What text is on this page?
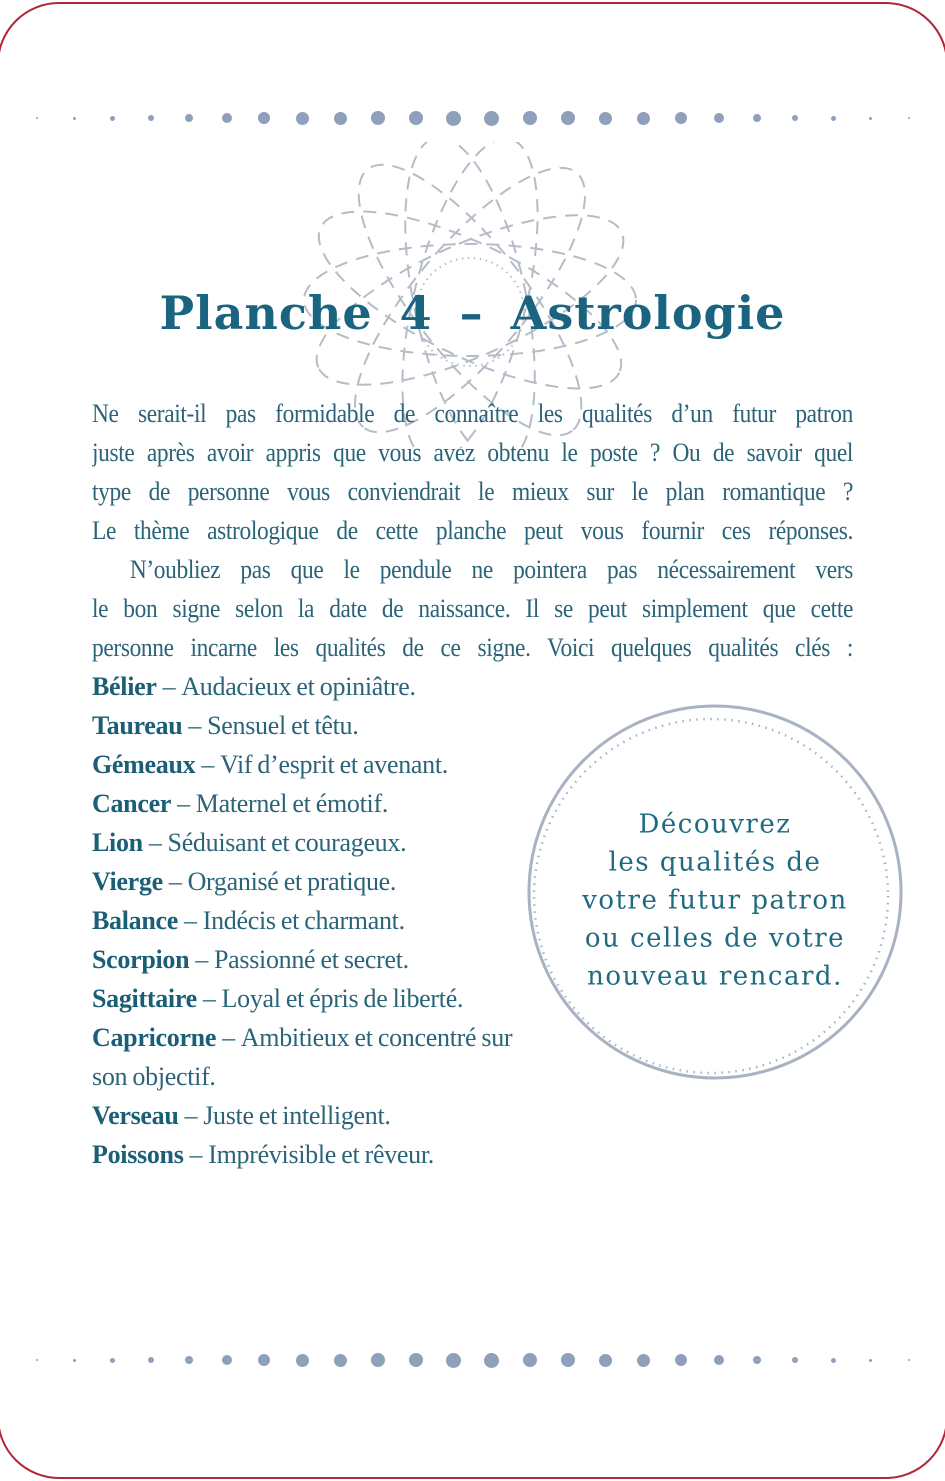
Planche 4 – Astrologie
Ne serait-il pas formidable de connaître les qualités d’un futur patron
juste après avoir appris que vous avez obtenu le poste ? Ou de savoir quel
type de personne vous conviendrait le mieux sur le plan romantique ?
Le thème astrologique de cette planche peut vous fournir ces réponses.
N’oubliez pas que le pendule ne pointera pas nécessairement vers
le bon signe selon la date de naissance. Il se peut simplement que cette
personne incarne les qualités de ce signe. Voici quelques qualités clés :
Bélier – Audacieux et opiniâtre.
Taureau – Sensuel et têtu.
Gémeaux – Vif d’esprit et avenant.
Cancer – Maternel et émotif.
Lion – Séduisant et courageux.
Vierge – Organisé et pratique.
Balance – Indécis et charmant.
Scorpion – Passionné et secret.
Sagittaire – Loyal et épris de liberté.
Capricorne – Ambitieux et concentré sur son objectif.
Verseau – Juste et intelligent.
Poissons – Imprévisible et rêveur.
Découvrez
les qualités de
votre futur patron
ou celles de votre
nouveau rencard.
